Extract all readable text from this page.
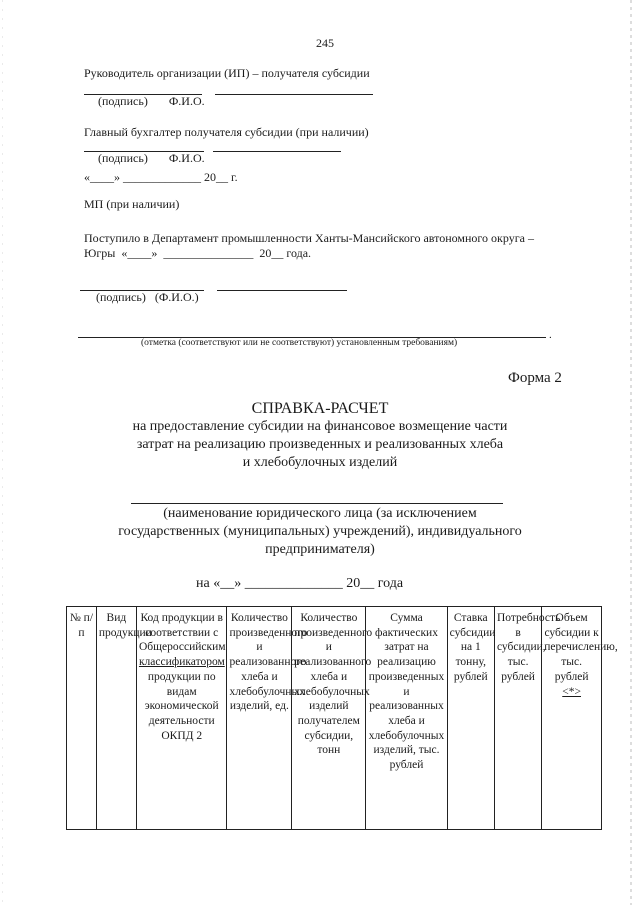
245
Руководитель организации (ИП) – получателя субсидии
(подпись)       Ф.И.О.
Главный бухгалтер получателя субсидии (при наличии)
(подпись)       Ф.И.О.
«____» _____________ 20__ г.
МП (при наличии)
Поступило в Департамент промышленности Ханты-Мансийского автономного округа –
Югры  «____»  _______________  20__ года.
(подпись)   (Ф.И.О.)
.
(отметка (соответствуют или не соответствуют) установленным требованиям)
Форма 2
СПРАВКА-РАСЧЕТ
на предоставление субсидии на финансовое возмещение части
затрат на реализацию произведенных и реализованных хлеба
и хлебобулочных изделий
(наименование юридического лица (за исключением
государственных (муниципальных) учреждений), индивидуального
предпринимателя)
на «__» ______________ 20__ года
№ п/п	Вид продукции	Код продукции в соответствии с Общероссийским классификатором продукции по видам экономической деятельности ОКПД 2	Количество произведенного и реализованного хлеба и хлебобулочных изделий, ед.	Количество произведенного и реализованного хлеба и хлебобулочных изделий получателем субсидии, тонн	Сумма фактических затрат на реализацию произведенных и реализованных хлеба и хлебобулочных изделий, тыс. рублей	Ставка субсидии на 1 тонну, рублей	Потребность в субсидии, тыс. рублей	Объем субсидии к перечислению, тыс. рублей <*>
